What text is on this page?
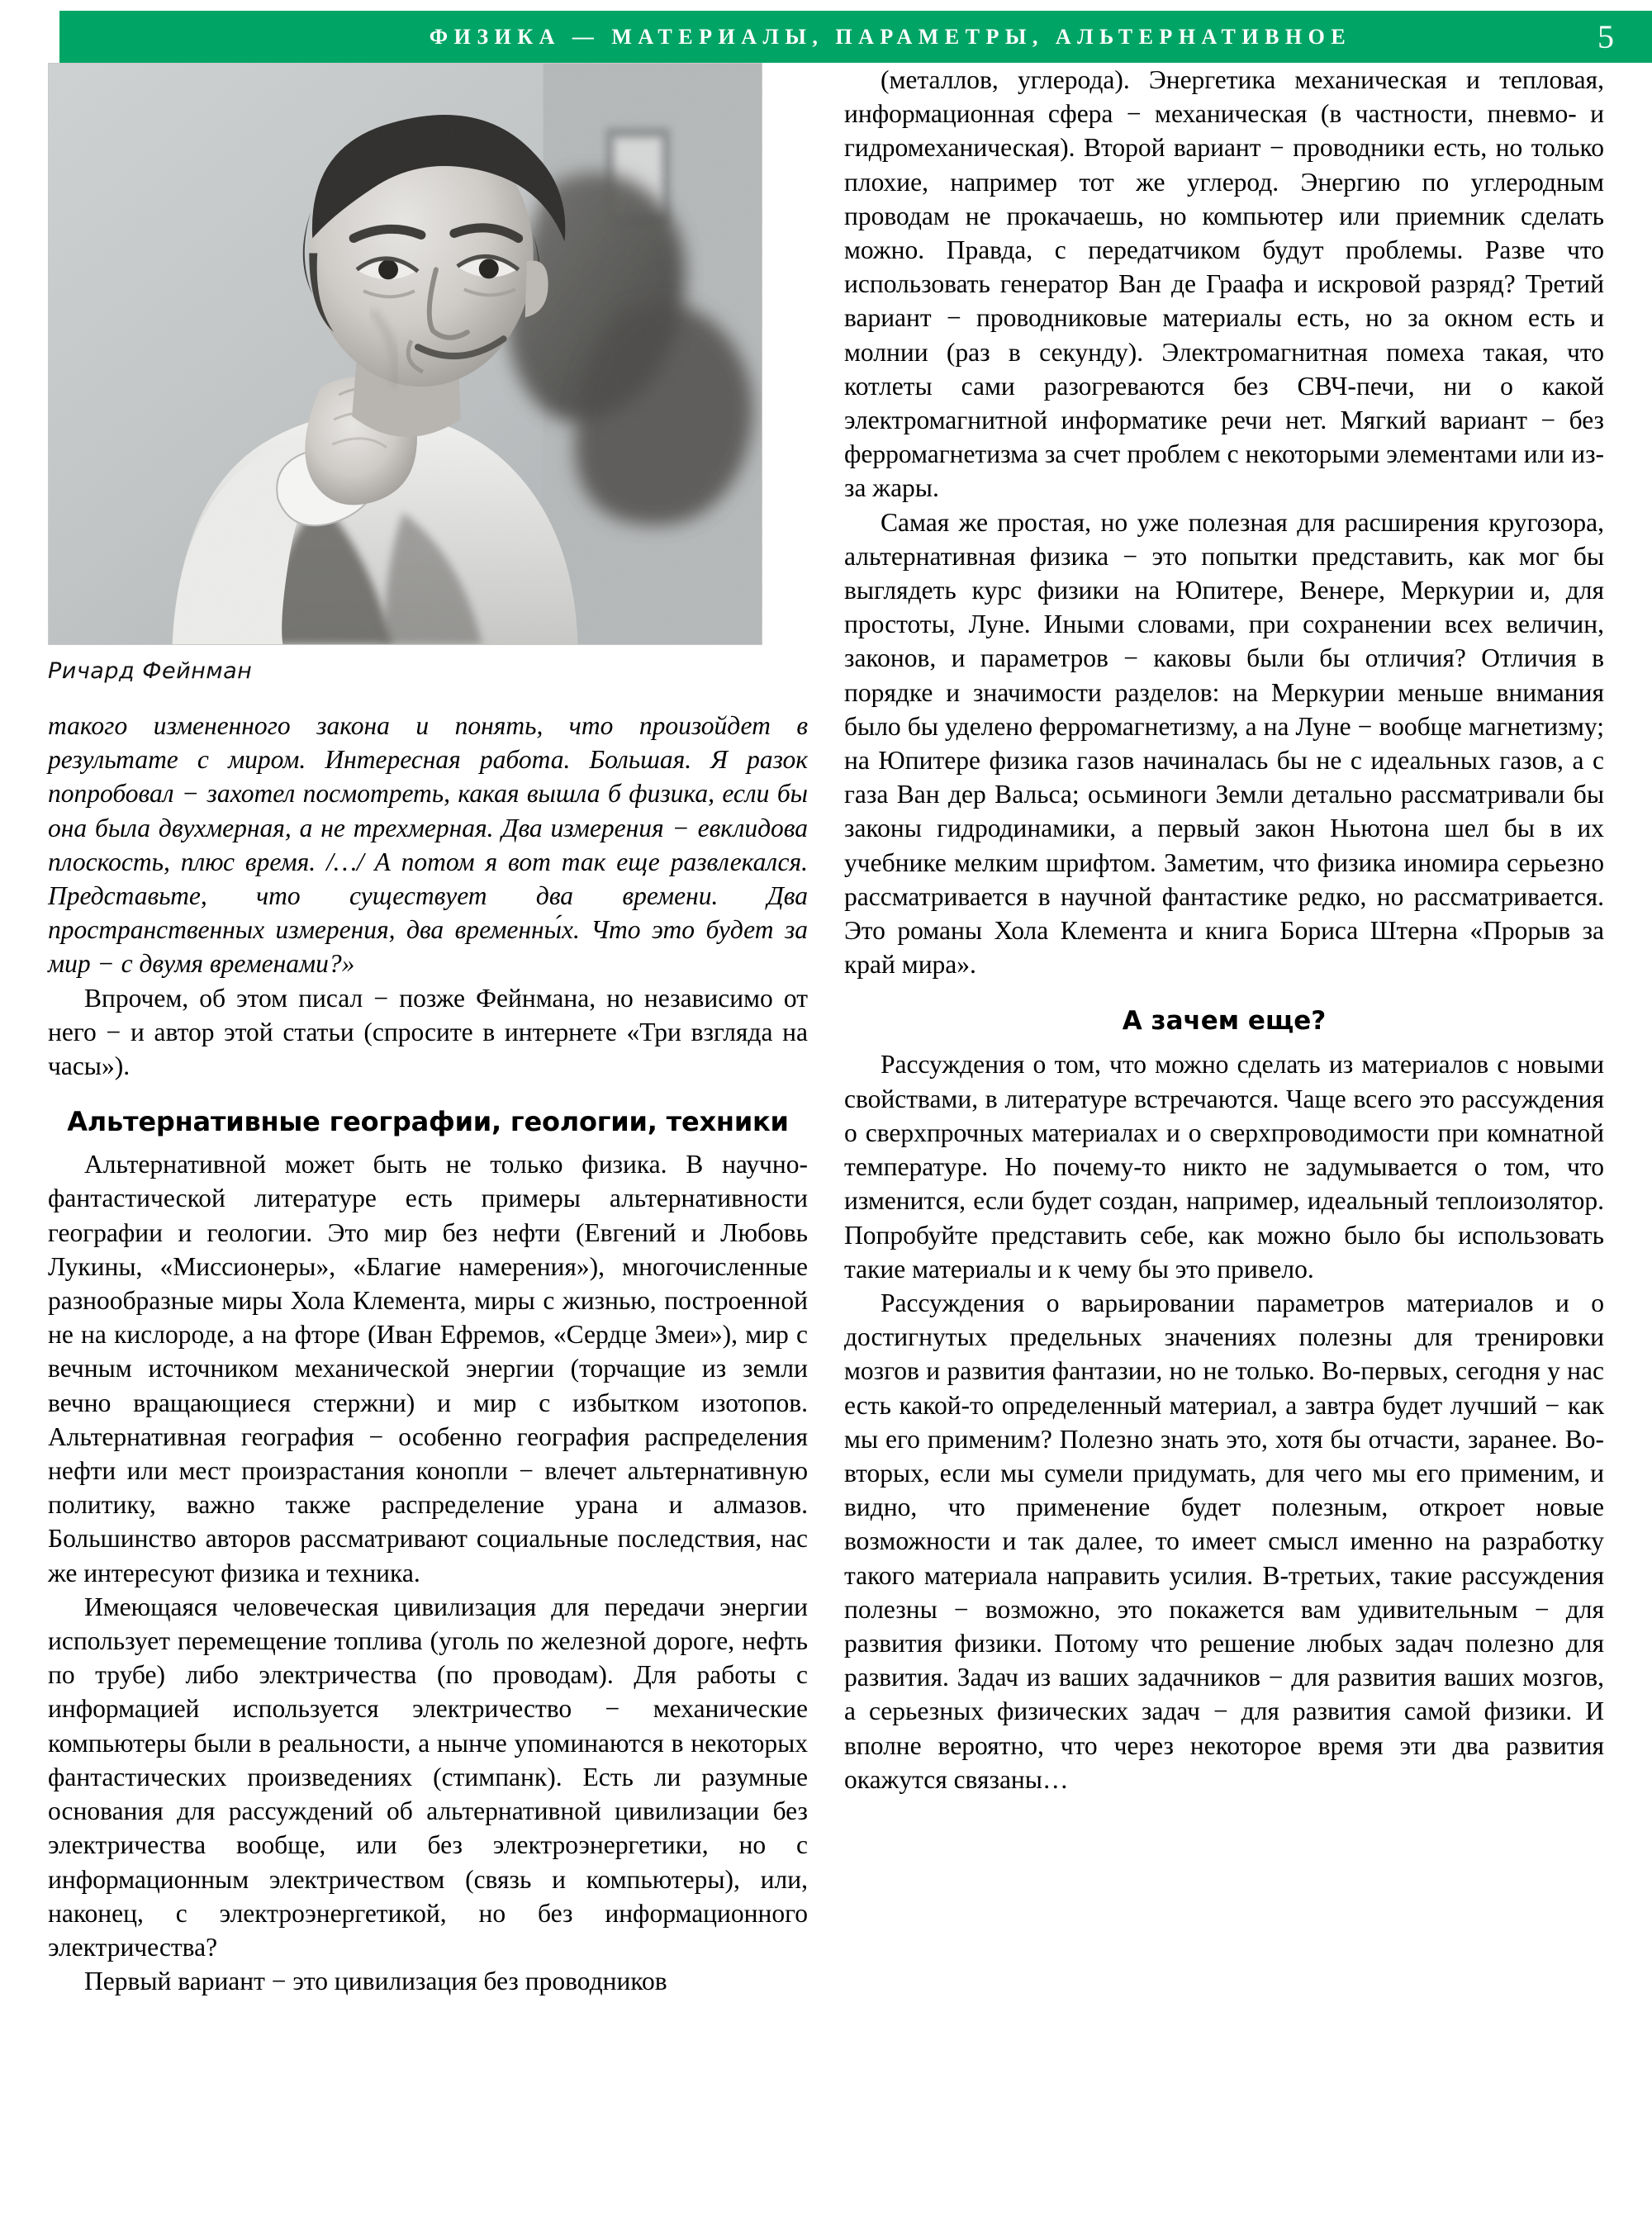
ФИЗИКА — МАТЕРИАЛЫ, ПАРАМЕТРЫ, АЛЬТЕРНАТИВНОЕ	5
Ричард Фейнман

такого измененного закона и понять, что произойдет в результате с миром. Интересная работа. Большая. Я разок попробовал − захотел посмотреть, какая вышла б физика, если бы она была двухмерная, а не трехмерная. Два измерения − евклидова плоскость, плюс время. /…/ А потом я вот так еще развлекался. Представьте, что существует два времени. Два пространственных измерения, два временны́х. Что это будет за мир − с двумя временами?»

Впрочем, об этом писал − позже Фейнмана, но независимо от него − и автор этой статьи (спросите в интернете «Три взгляда на часы»).

Альтернативные географии, геологии, техники

Альтернативной может быть не только физика. В научно-фантастической литературе есть примеры альтернативности географии и геологии. Это мир без нефти (Евгений и Любовь Лукины, «Миссионеры», «Благие намерения»), многочисленные разнообразные миры Хола Клемента, миры с жизнью, построенной не на кислороде, а на фторе (Иван Ефремов, «Сердце Змеи»), мир с вечным источником механической энергии (торчащие из земли вечно вращающиеся стержни) и мир с избытком изотопов. Альтернативная география − особенно география распределения нефти или мест произрастания конопли − влечет альтернативную политику, важно также распределение урана и алмазов. Большинство авторов рассматривают социальные последствия, нас же интересуют физика и техника.

Имеющаяся человеческая цивилизация для передачи энергии использует перемещение топлива (уголь по железной дороге, нефть по трубе) либо электричества (по проводам). Для работы с информацией используется электричество − механические компьютеры были в реальности, а нынче упоминаются в некоторых фантастических произведениях (стимпанк). Есть ли разумные основания для рассуждений об альтернативной цивилизации без электричества вообще, или без электроэнергетики, но с информационным электричеством (связь и компьютеры), или, наконец, с электроэнергетикой, но без информационного электричества?

Первый вариант − это цивилизация без проводников

(металлов, углерода). Энергетика механическая и тепловая, информационная сфера − механическая (в частности, пневмо- и гидромеханическая). Второй вариант − проводники есть, но только плохие, например тот же углерод. Энергию по углеродным проводам не прокачаешь, но компьютер или приемник сделать можно. Правда, с передатчиком будут проблемы. Разве что использовать генератор Ван де Граафа и искровой разряд? Третий вариант − проводниковые материалы есть, но за окном есть и молнии (раз в секунду). Электромагнитная помеха такая, что котлеты сами разогреваются без СВЧ-печи, ни о какой электромагнитной информатике речи нет. Мягкий вариант − без ферромагнетизма за счет проблем с некоторыми элементами или из-за жары.

Самая же простая, но уже полезная для расширения кругозора, альтернативная физика − это попытки представить, как мог бы выглядеть курс физики на Юпитере, Венере, Меркурии и, для простоты, Луне. Иными словами, при сохранении всех величин, законов, и параметров − каковы были бы отличия? Отличия в порядке и значимости разделов: на Меркурии меньше внимания было бы уделено ферромагнетизму, а на Луне − вообще магнетизму; на Юпитере физика газов начиналась бы не с идеальных газов, а с газа Ван дер Вальса; осьминоги Земли детально рассматривали бы законы гидродинамики, а первый закон Ньютона шел бы в их учебнике мелким шрифтом. Заметим, что физика иномира серьезно рассматривается в научной фантастике редко, но рассматривается. Это романы Хола Клемента и книга Бориса Штерна «Прорыв за край мира».

А зачем еще?

Рассуждения о том, что можно сделать из материалов с новыми свойствами, в литературе встречаются. Чаще всего это рассуждения о сверхпрочных материалах и о сверхпроводимости при комнатной температуре. Но почему-то никто не задумывается о том, что изменится, если будет создан, например, идеальный теплоизолятор. Попробуйте представить себе, как можно было бы использовать такие материалы и к чему бы это привело.

Рассуждения о варьировании параметров материалов и о достигнутых предельных значениях полезны для тренировки мозгов и развития фантазии, но не только. Во-первых, сегодня у нас есть какой-то определенный материал, а завтра будет лучший − как мы его применим? Полезно знать это, хотя бы отчасти, заранее. Во-вторых, если мы сумели придумать, для чего мы его применим, и видно, что применение будет полезным, откроет новые возможности и так далее, то имеет смысл именно на разработку такого материала направить усилия. В-третьих, такие рассуждения полезны − возможно, это покажется вам удивительным − для развития физики. Потому что решение любых задач полезно для развития. Задач из ваших задачников − для развития ваших мозгов, а серьезных физических задач − для развития самой физики. И вполне вероятно, что через некоторое время эти два развития окажутся связаны…
